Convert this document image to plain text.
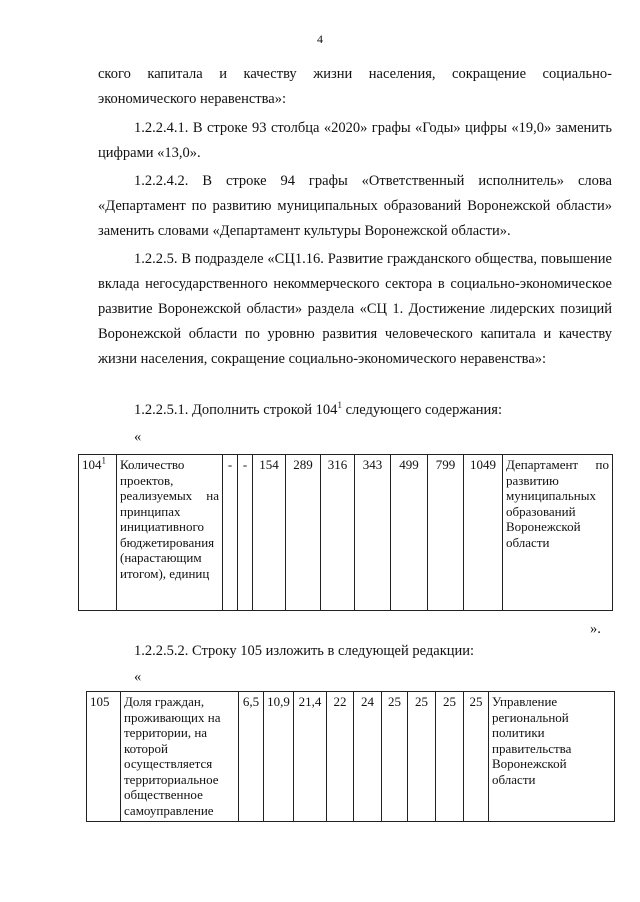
4

ского капитала и качеству жизни населения, сокращение социально-экономического неравенства»:

1.2.2.4.1. В строке 93 столбца «2020» графы «Годы» цифры «19,0» заменить цифрами «13,0».

1.2.2.4.2. В строке 94 графы «Ответственный исполнитель» слова «Департамент по развитию муниципальных образований Воронежской области» заменить словами «Департамент культуры Воронежской области».

1.2.2.5. В подразделе «СЦ1.16. Развитие гражданского общества, повышение вклада негосударственного некоммерческого сектора в социально-экономическое развитие Воронежской области» раздела «СЦ 1. Достижение лидерских позиций Воронежской области по уровню развития человеческого капитала и качеству жизни населения, сокращение социально-экономического неравенства»:

1.2.2.5.1. Дополнить строкой $104^1$ следующего содержания:

«

$104^1$	Количество проектов, реализуемых на принципах инициативного бюджетирования (нарастающим итогом), единиц	-	-	154	289	316	343	499	799	1049	Департамент по развитию муниципальных образований Воронежской области
».

1.2.2.5.2. Строку 105 изложить в следующей редакции:

«

105	Доля граждан, проживающих на территории, на которой осуществляется территориальное общественное самоуправление	6,5	10,9	21,4	22	24	25	25	25	25	Управление региональной политики правительства Воронежской области
